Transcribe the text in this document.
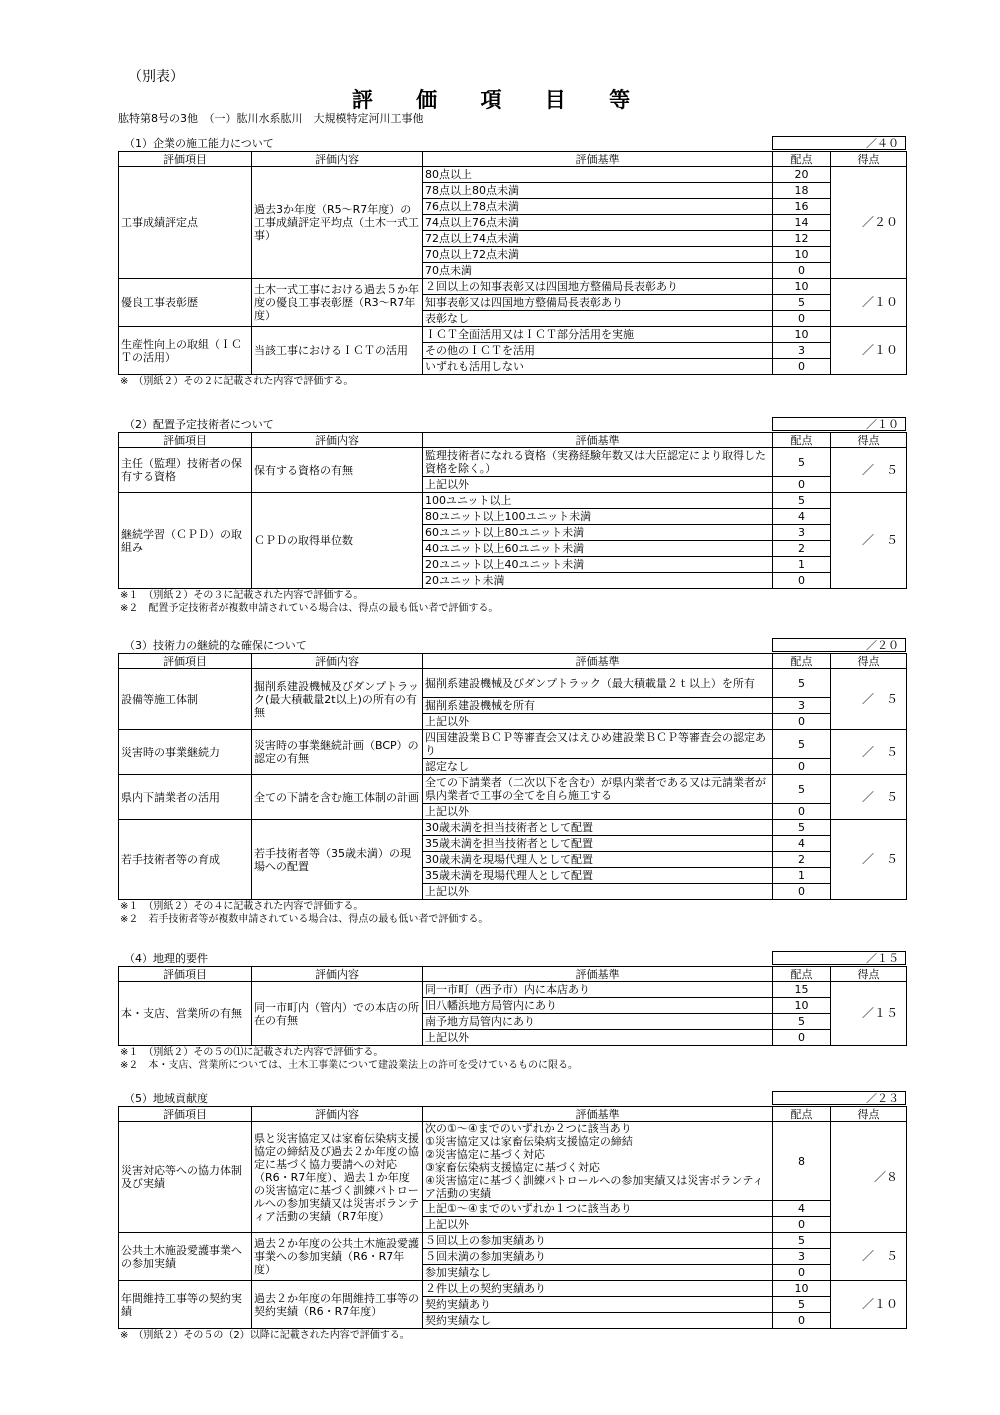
（別表）
評 価 項 目 等
肱特第8号の3他　（一）肱川水系肱川　大規模特定河川工事他
（1）企業の施工能力について	／４０
評価項目	評価内容	評価基準	配点	得点
工事成績評定点	過去3か年度（R5～R7年度）の工事成績評定平均点（土木一式工事）	80点以上	20	／２０
		78点以上80点未満	18	
		76点以上78点未満	16	
		74点以上76点未満	14	
		72点以上74点未満	12	
		70点以上72点未満	10	
		70点未満	0	
優良工事表彰歴	土木一式工事における過去５か年度の優良工事表彰歴（R3～R7年度）	２回以上の知事表彰又は四国地方整備局長表彰あり	10	／１０
		知事表彰又は四国地方整備局長表彰あり	5	
		表彰なし	0	
生産性向上の取組（ＩＣＴの活用）	当該工事におけるＩＣＴの活用	ＩＣＴ全面活用又はＩＣＴ部分活用を実施	10	／１０
		その他のＩＣＴを活用	3	
		いずれも活用しない	0	
※　（別紙２）その２に記載された内容で評価する。
（2）配置予定技術者について	／１０
評価項目	評価内容	評価基準	配点	得点
主任（監理）技術者の保有する資格	保有する資格の有無	監理技術者になれる資格（実務経験年数又は大臣認定により取得した資格を除く。）	5	／　５
		上記以外	0	
継続学習（ＣＰＤ）の取組み	ＣＰＤの取得単位数	100ユニット以上	5	／　５
		80ユニット以上100ユニット未満	4	
		60ユニット以上80ユニット未満	3	
		40ユニット以上60ユニット未満	2	
		20ユニット以上40ユニット未満	1	
		20ユニット未満	0	
※１　（別紙２）その３に記載された内容で評価する。
※２　配置予定技術者が複数申請されている場合は、得点の最も低い者で評価する。
（3）技術力の継続的な確保について	／２０
評価項目	評価内容	評価基準	配点	得点
設備等施工体制	掘削系建設機械及びダンプトラック(最大積載量2t以上)の所有の有無	掘削系建設機械及びダンプトラック（最大積載量２ｔ以上）を所有	5	／　５
		掘削系建設機械を所有	3	
		上記以外	0	
災害時の事業継続力	災害時の事業継続計画（BCP）の認定の有無	四国建設業ＢＣＰ等審査会又はえひめ建設業ＢＣＰ等審査会の認定あり	5	／　５
		認定なし	0	
県内下請業者の活用	全ての下請を含む施工体制の計画	全ての下請業者（二次以下を含む）が県内業者である又は元請業者が県内業者で工事の全てを自ら施工する	5	／　５
		上記以外	0	
若手技術者等の育成	若手技術者等（35歳未満）の現場への配置	30歳未満を担当技術者として配置	5	／　５
		35歳未満を担当技術者として配置	4	
		30歳未満を現場代理人として配置	2	
		35歳未満を現場代理人として配置	1	
		上記以外	0	
※１　（別紙２）その４に記載された内容で評価する。
※２　若手技術者等が複数申請されている場合は、得点の最も低い者で評価する。
（4）地理的要件	／１５
評価項目	評価内容	評価基準	配点	得点
本・支店、営業所の有無	同一市町内（管内）での本店の所在の有無	同一市町（西予市）内に本店あり	15	／１５
		旧八幡浜地方局管内にあり	10	
		南予地方局管内にあり	5	
		上記以外	0	
※１　（別紙２）その５の⑴に記載された内容で評価する。
※２　本・支店、営業所については、土木工事業について建設業法上の許可を受けているものに限る。
（5）地域貢献度	／２３
評価項目	評価内容	評価基準	配点	得点
災害対応等への協力体制及び実績	県と災害協定又は家畜伝染病支援協定の締結及び過去２か年度の協定に基づく協力要請への対応（R6・R7年度）、過去１か年度の災害協定に基づく訓練パトロールへの参加実績又は災害ボランティア活動の実績（R7年度）	次の①～④までのいずれか２つに該当あり
①災害協定又は家畜伝染病支援協定の締結
②災害協定に基づく対応
③家畜伝染病支援協定に基づく対応
④災害協定に基づく訓練パトロールへの参加実績又は災害ボランティア活動の実績	8	／８
		上記①～④までのいずれか１つに該当あり	4	
		上記以外	0	
公共土木施設愛護事業への参加実績	過去２か年度の公共土木施設愛護事業への参加実績（R6・R7年度）	５回以上の参加実績あり	5	／　５
		５回未満の参加実績あり	3	
		参加実績なし	0	
年間維持工事等の契約実績	過去２か年度の年間維持工事等の契約実績（R6・R7年度）	２件以上の契約実績あり	10	／１０
		契約実績あり	5	
		契約実績なし	0	
※　（別紙２）その５の（2）以降に記載された内容で評価する。
